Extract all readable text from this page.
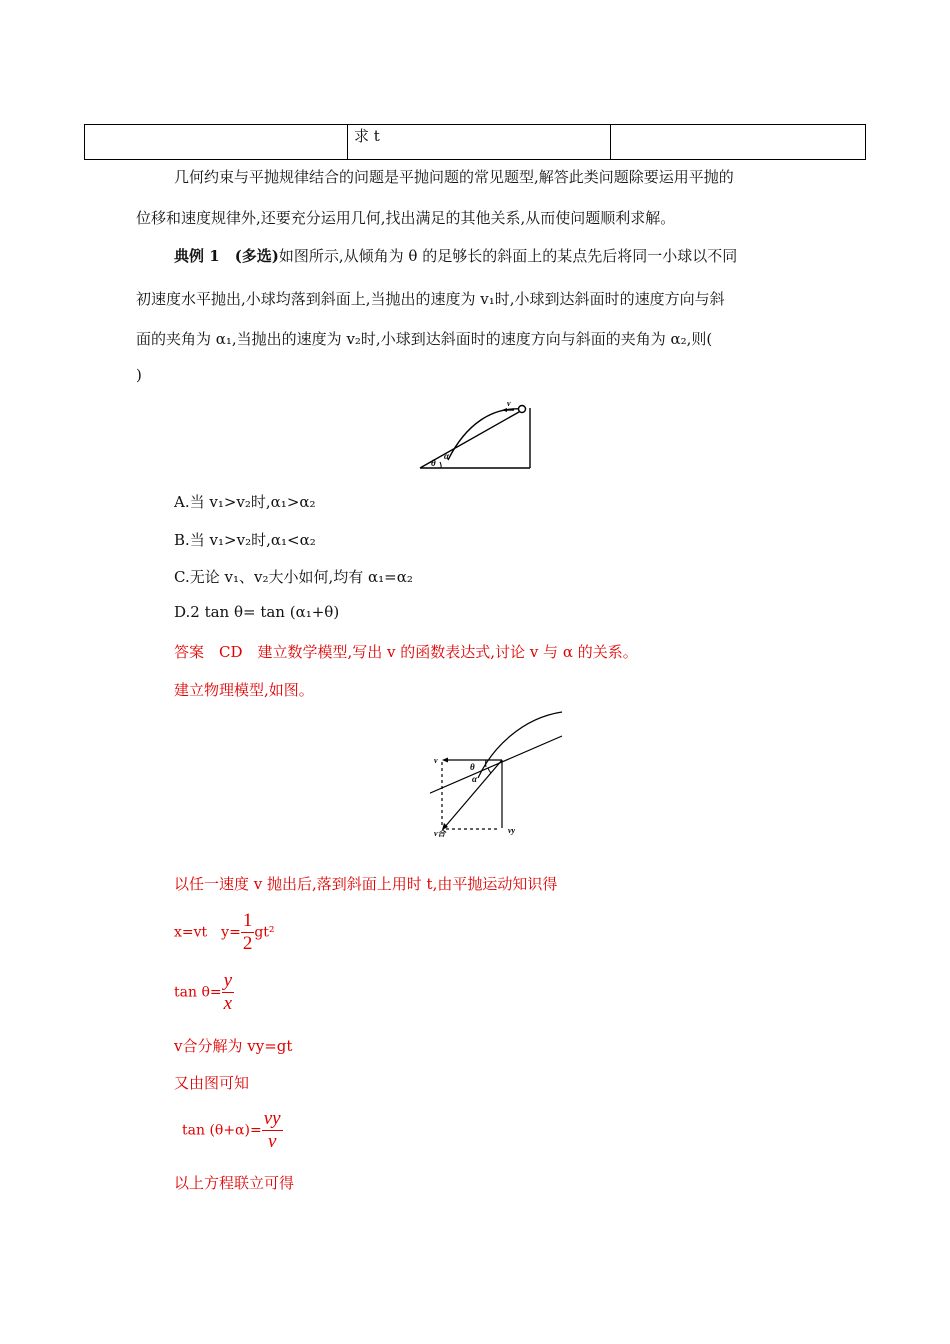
	求 t	
几何约束与平抛规律结合的问题是平抛问题的常见题型,解答此类问题除要运用平抛的
位移和速度规律外,还要充分运用几何,找出满足的其他关系,从而使问题顺利求解。
典例 1　 (多选)如图所示,从倾角为 θ 的足够长的斜面上的某点先后将同一小球以不同
初速度水平抛出,小球均落到斜面上,当抛出的速度为 v₁时,小球到达斜面时的速度方向与斜
面的夹角为 α₁,当抛出的速度为 v₂时,小球到达斜面时的速度方向与斜面的夹角为 α₂,则(
)
v
α
θ
A.当 v₁>v₂时,α₁>α₂
B.当 v₁>v₂时,α₁<α₂
C.无论 v₁、v₂大小如何,均有 α₁=α₂
D.2 tan θ= tan (α₁+θ)
答案　CD　建立数学模型,写出 v 的函数表达式,讨论 v 与 α 的关系。
建立物理模型,如图。
v
θ
α
v合	vy
以任一速度 v 抛出后,落到斜面上用时 t,由平抛运动知识得
x=vt　$y= \frac{1}{2} gt^2$
$\tan \theta= \frac{y}{x}$
v合分解为 vy=gt
又由图可知
$\tan (\theta+\alpha)= \frac{vy}{v}$
以上方程联立可得
